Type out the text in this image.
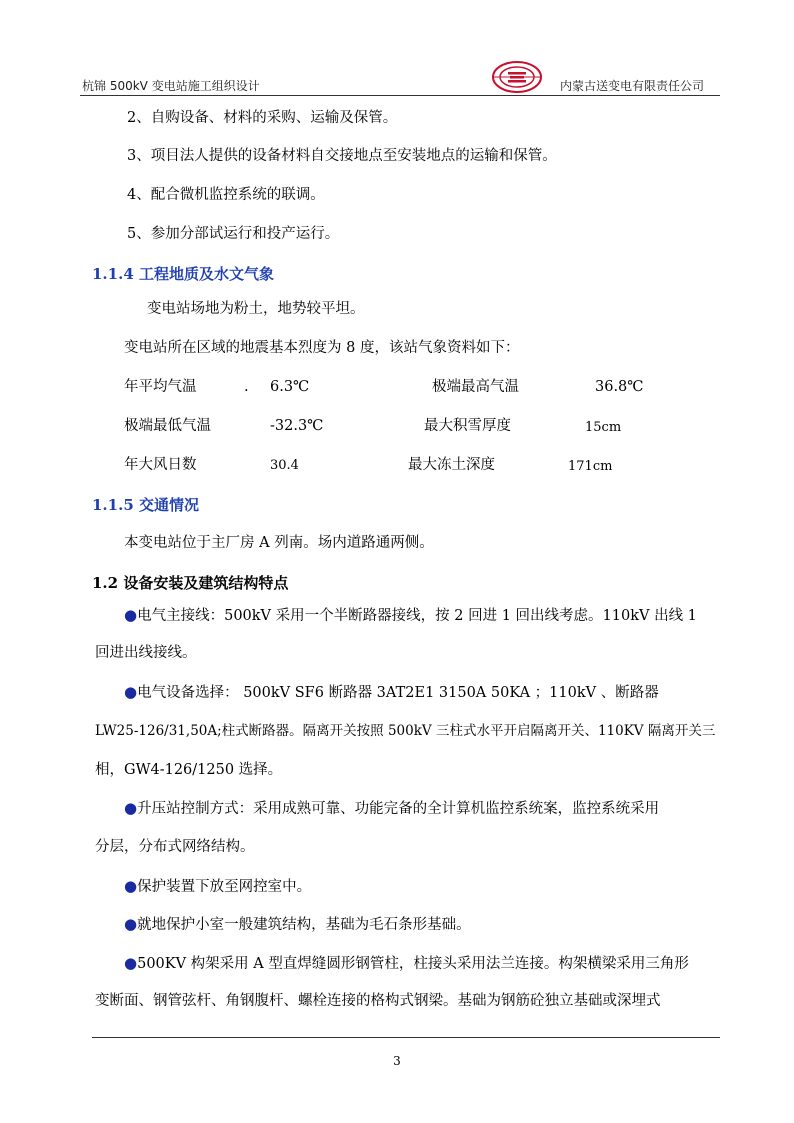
杭锦 500kV 变电站施工组织设计	内蒙古送变电有限责任公司
2、自购设备、材料的采购、运输及保管。
3、项目法人提供的设备材料自交接地点至安装地点的运输和保管。
4、配合微机监控系统的联调。
5、参加分部试运行和投产运行。
1.1.4 工程地质及水文气象
变电站场地为粉土，地势较平坦。
变电站所在区域的地震基本烈度为 8 度，该站气象资料如下：
年平均气温	. 6.3℃	极端最高气温	36.8℃
极端最低气温	-32.3℃	最大积雪厚度	15cm
年大风日数	30.4	最大冻土深度	171cm
1.1.5 交通情况
本变电站位于主厂房 A 列南。场内道路通两侧。
1.2 设备安装及建筑结构特点
●电气主接线：500kV 采用一个半断路器接线，按 2 回进 1 回出线考虑。110kV 出线 1
回进出线接线。
●电气设备选择： 500kV SF6 断路器 3AT2E1 3150A 50KA ；110kV 、断路器
LW25-126/31,50A;柱式断路器。隔离开关按照 500kV 三柱式水平开启隔离开关、110KV 隔离开关三
相，GW4-126/1250 选择。
●升压站控制方式：采用成熟可靠、功能完备的全计算机监控系统案，监控系统采用
分层，分布式网络结构。
●保护装置下放至网控室中。
●就地保护小室一般建筑结构，基础为毛石条形基础。
●500KV 构架采用 A 型直焊缝圆形钢管柱，柱接头采用法兰连接。构架横梁采用三角形
变断面、钢管弦杆、角钢腹杆、螺栓连接的格构式钢梁。基础为钢筋砼独立基础或深埋式
3
